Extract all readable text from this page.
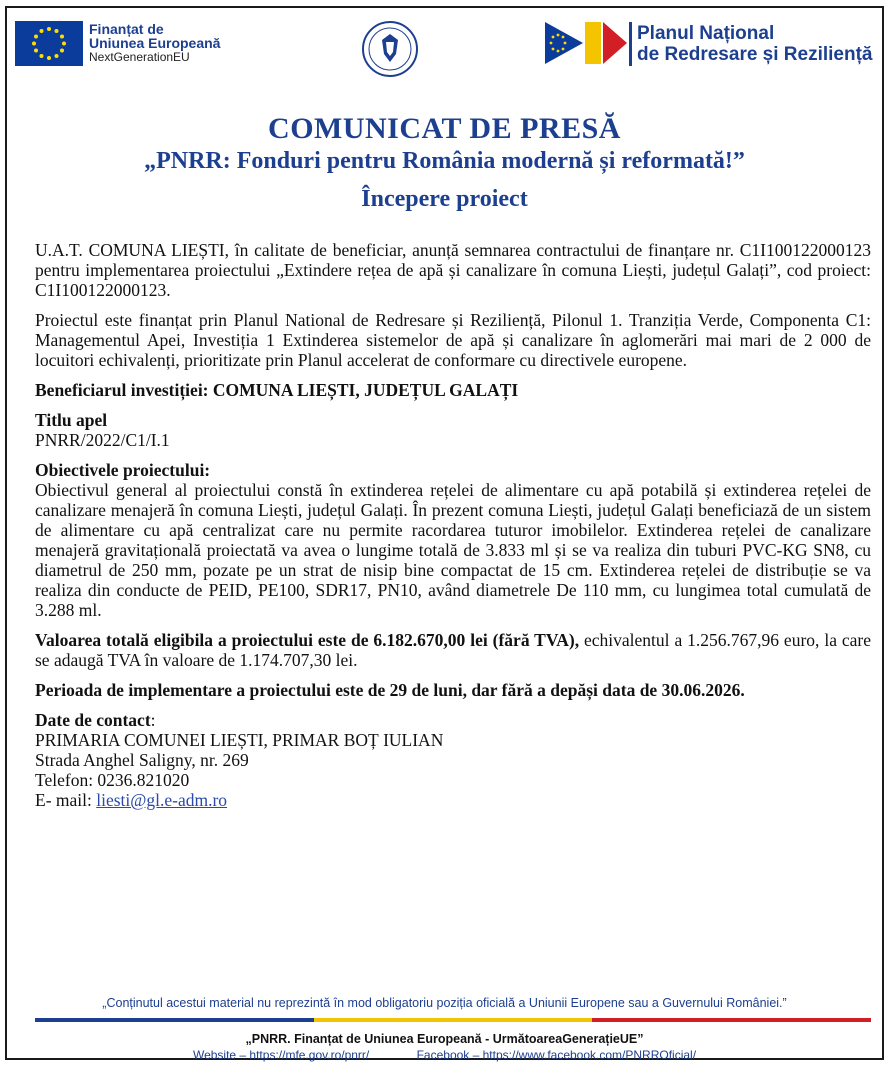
Finanțat de
Uniunea Europeană
NextGenerationEU
Planul Național
de Redresare și Reziliență
COMUNICAT DE PRESĂ
„PNRR: Fonduri pentru România modernă și reformată!”
Începere proiect

U.A.T. COMUNA LIEȘTI, în calitate de beneficiar, anunță semnarea contractului de finanțare nr. C1I100122000123 pentru implementarea proiectului „Extindere rețea de apă și canalizare în comuna Liești, județul Galați”, cod proiect: C1I100122000123.

Proiectul este finanțat prin Planul National de Redresare și Reziliență, Pilonul 1. Tranziția Verde, Componenta C1: Managementul Apei, Investiția 1 Extinderea sistemelor de apă și canalizare în aglomerări mai mari de 2 000 de locuitori echivalenți, prioritizate prin Planul accelerat de conformare cu directivele europene.

Beneficiarul investiției: COMUNA LIEȘTI, JUDEȚUL GALAȚI

Titlu apel
PNRR/2022/C1/I.1

Obiectivele proiectului:
Obiectivul general al proiectului constă în extinderea rețelei de alimentare cu apă potabilă și extinderea rețelei de canalizare menajeră în comuna Liești, județul Galați. În prezent comuna Liești, județul Galați beneficiază de un sistem de alimentare cu apă centralizat care nu permite racordarea tuturor imobilelor. Extinderea rețelei de canalizare menajeră gravitațională proiectată va avea o lungime totală de 3.833 ml și se va realiza din tuburi PVC-KG SN8, cu diametrul de 250 mm, pozate pe un strat de nisip bine compactat de 15 cm. Extinderea rețelei de distribuție se va realiza din conducte de PEID, PE100, SDR17, PN10, având diametrele De 110 mm, cu lungimea total cumulată de 3.288 ml.

Valoarea totală eligibila a proiectului este de 6.182.670,00 lei (fără TVA), echivalentul a 1.256.767,96 euro, la care se adaugă TVA în valoare de 1.174.707,30 lei.

Perioada de implementare a proiectului este de 29 de luni, dar fără a depăși data de 30.06.2026.

Date de contact:
PRIMARIA COMUNEI LIEȘTI, PRIMAR BOȚ IULIAN
Strada Anghel Saligny, nr. 269
Telefon: 0236.821020
E- mail: liesti@gl.e-adm.ro

„Conținutul acestui material nu reprezintă în mod obligatoriu poziția oficială a Uniunii Europene sau a Guvernului României.”
„PNRR. Finanțat de Uniunea Europeană - UrmătoareaGenerațieUE”
Website – https://mfe.gov.ro/pnrr/	Facebook – https://www.facebook.com/PNRROficial/
